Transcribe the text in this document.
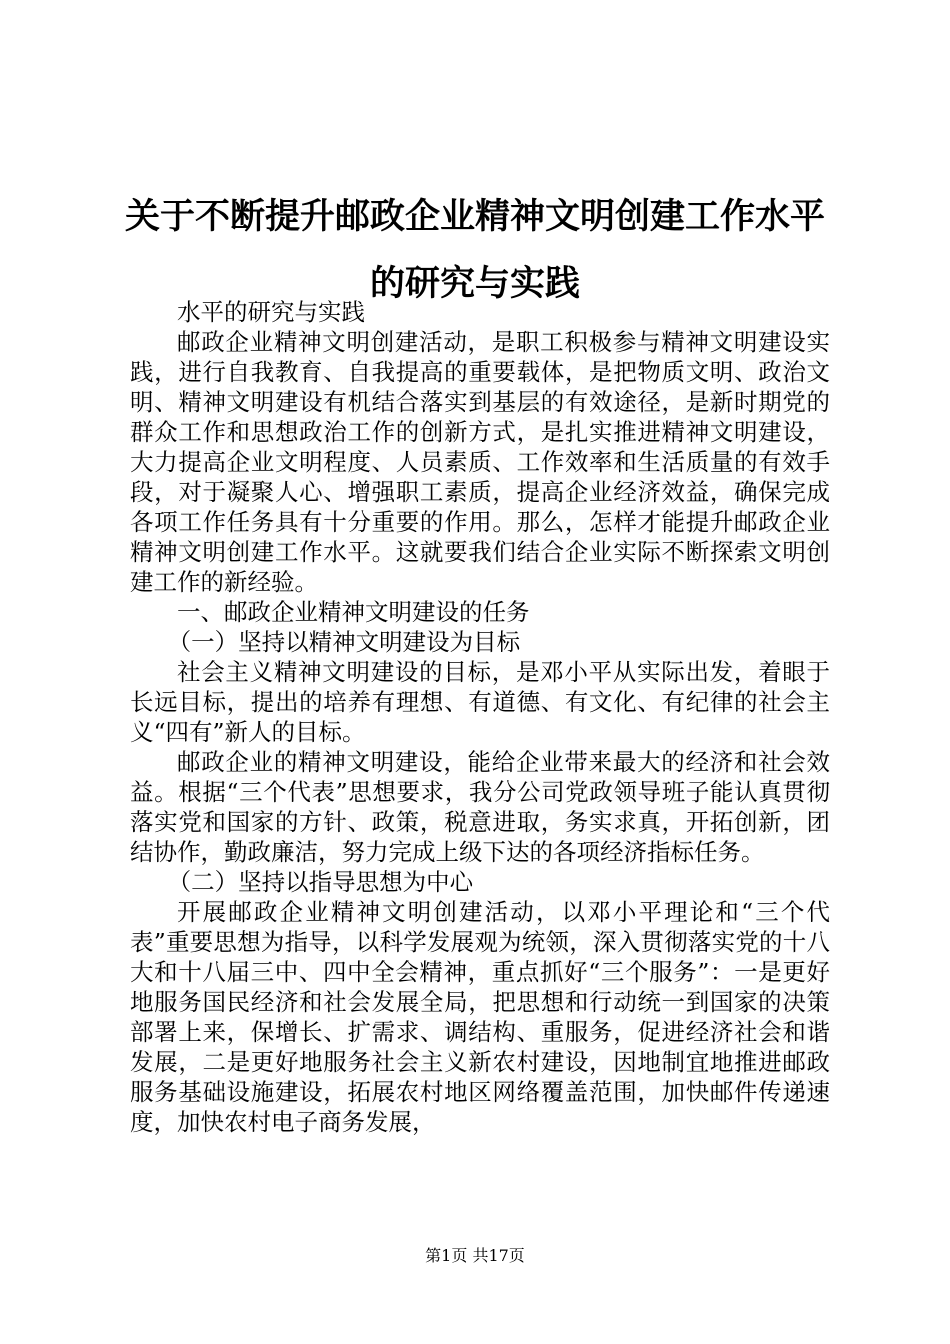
关于不断提升邮政企业精神文明创建工作水平
的研究与实践

水平的研究与实践

邮政企业精神文明创建活动，是职工积极参与精神文明建设实践，进行自我教育、自我提高的重要载体，是把物质文明、政治文明、精神文明建设有机结合落实到基层的有效途径，是新时期党的群众工作和思想政治工作的创新方式，是扎实推进精神文明建设，大力提高企业文明程度、人员素质、工作效率和生活质量的有效手段，对于凝聚人心、增强职工素质，提高企业经济效益，确保完成各项工作任务具有十分重要的作用。那么，怎样才能提升邮政企业精神文明创建工作水平。这就要我们结合企业实际不断探索文明创建工作的新经验。

一、邮政企业精神文明建设的任务

（一）坚持以精神文明建设为目标

社会主义精神文明建设的目标，是邓小平从实际出发，着眼于长远目标，提出的培养有理想、有道德、有文化、有纪律的社会主义“四有”新人的目标。

邮政企业的精神文明建设，能给企业带来最大的经济和社会效益。根据“三个代表”思想要求，我分公司党政领导班子能认真贯彻落实党和国家的方针、政策，税意进取，务实求真，开拓创新，团结协作，勤政廉洁，努力完成上级下达的各项经济指标任务。

（二）坚持以指导思想为中心

开展邮政企业精神文明创建活动，以邓小平理论和“三个代表”重要思想为指导，以科学发展观为统领，深入贯彻落实党的十八大和十八届三中、四中全会精神，重点抓好“三个服务”：一是更好地服务国民经济和社会发展全局，把思想和行动统一到国家的决策部署上来，保增长、扩需求、调结构、重服务，促进经济社会和谐发展，二是更好地服务社会主义新农村建设，因地制宜地推进邮政服务基础设施建设，拓展农村地区网络覆盖范围，加快邮件传递速度，加快农村电子商务发展，

第1页 共17页
